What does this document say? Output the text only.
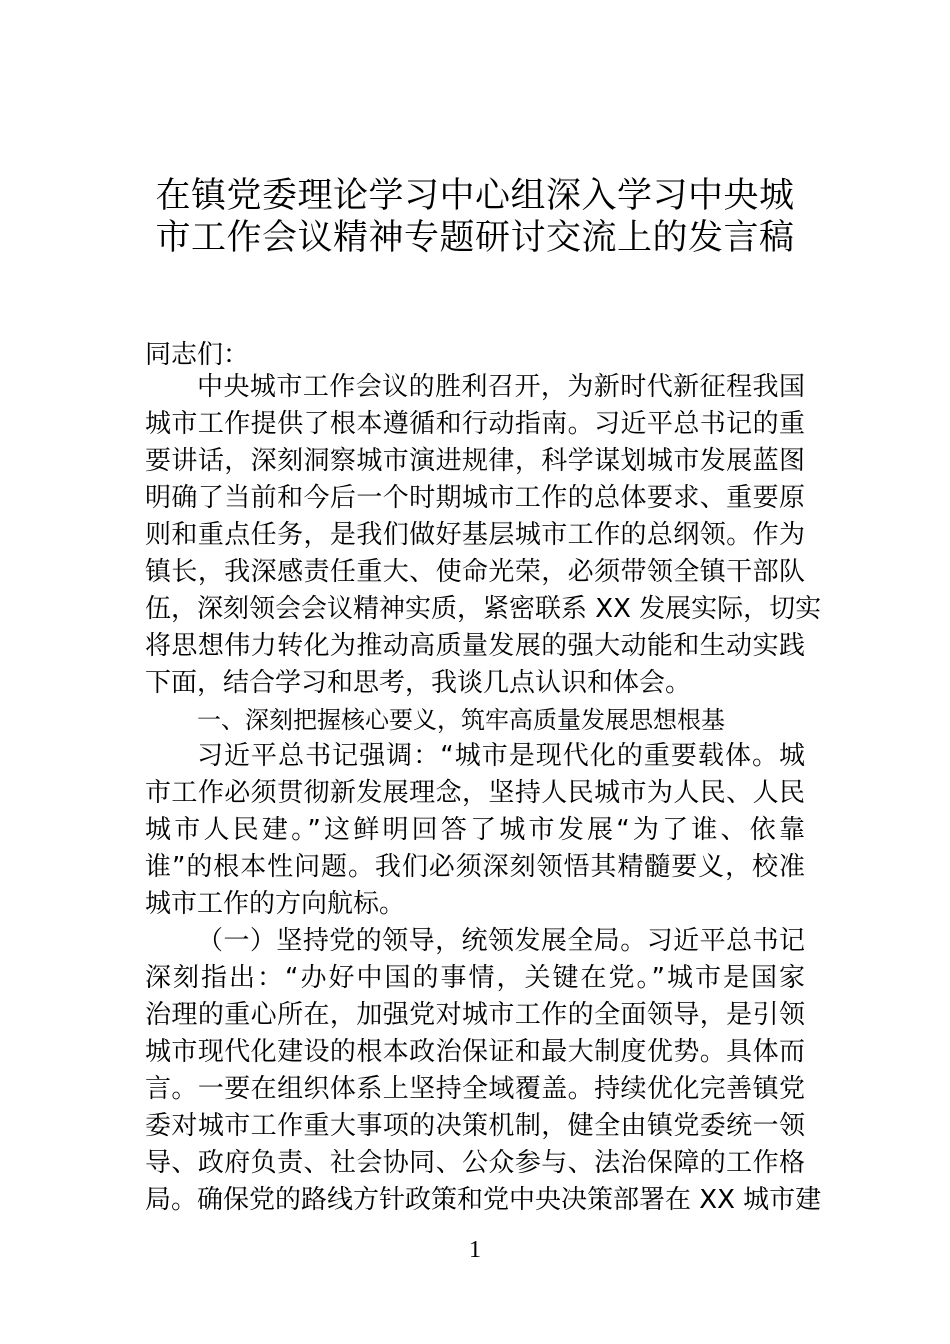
在镇党委理论学习中心组深入学习中央城
市工作会议精神专题研讨交流上的发言稿
同志们：
中央城市工作会议的胜利召开，为新时代新征程我国
城市工作提供了根本遵循和行动指南。习近平总书记的重
要讲话，深刻洞察城市演进规律，科学谋划城市发展蓝图
明确了当前和今后一个时期城市工作的总体要求、重要原
则和重点任务，是我们做好基层城市工作的总纲领。作为
镇长，我深感责任重大、使命光荣，必须带领全镇干部队
伍，深刻领会会议精神实质，紧密联系 XX 发展实际，切实
将思想伟力转化为推动高质量发展的强大动能和生动实践
下面，结合学习和思考，我谈几点认识和体会。
一、深刻把握核心要义，筑牢高质量发展思想根基
习近平总书记强调：“城市是现代化的重要载体。城
市工作必须贯彻新发展理念，坚持人民城市为人民、人民
城市人民建。”这鲜明回答了城市发展“为了谁、依靠
谁”的根本性问题。我们必须深刻领悟其精髓要义，校准
城市工作的方向航标。
（一）坚持党的领导，统领发展全局。习近平总书记
深刻指出：“办好中国的事情，关键在党。”城市是国家
治理的重心所在，加强党对城市工作的全面领导，是引领
城市现代化建设的根本政治保证和最大制度优势。具体而
言。一要在组织体系上坚持全域覆盖。持续优化完善镇党
委对城市工作重大事项的决策机制，健全由镇党委统一领
导、政府负责、社会协同、公众参与、法治保障的工作格
局。确保党的路线方针政策和党中央决策部署在 XX 城市建
1
